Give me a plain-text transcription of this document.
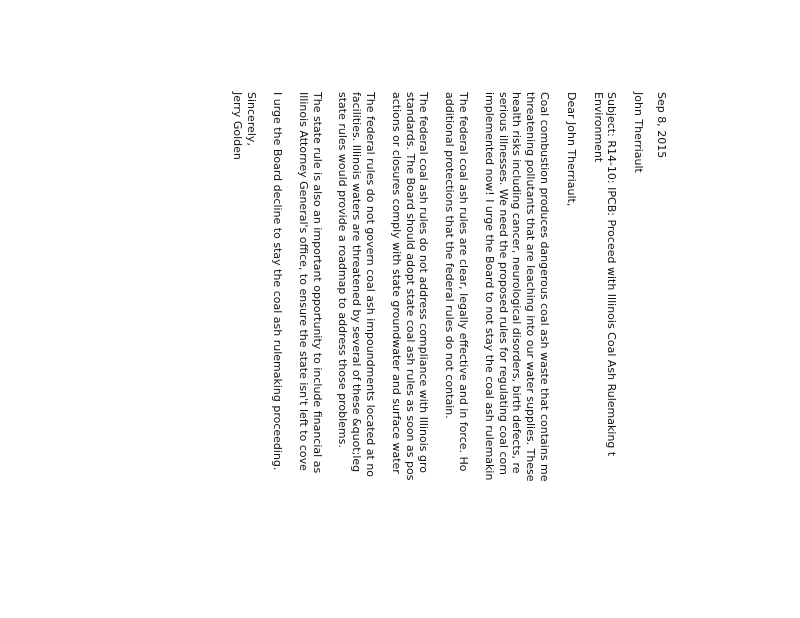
Sep 8, 2015
John Therriault
Subject: R14-10: IPCB: Proceed with Illinois Coal Ash Rulemaking t
Environment
Dear John Therriault,
Coal combustion produces dangerous coal ash waste that contains me
threatening pollutants that are leaching into our water supplies. These
health risks including cancer, neurological disorders, birth defects, re
serious illnesses. We need the proposed rules for regulating coal com
implemented now! I urge the Board to not stay the coal ash rulemakin
The federal coal ash rules are clear, legally effective and in force. Ho
additional protections that the federal rules do not contain.
The federal coal ash rules do not address compliance with Illinois gro
standards. The Board should adopt state coal ash rules as soon as pos
actions or closures comply with state groundwater and surface water
The federal rules do not govern coal ash impoundments located at no
facilities. Illinois waters are threatened by several of these &quot;leg
state rules would provide a roadmap to address those problems.
The state rule is also an important opportunity to include financial as
Illinois Attorney General's office, to ensure the state isn't left to cove
I urge the Board decline to stay the coal ash rulemaking proceeding.
Sincerely,
Jerry Golden
